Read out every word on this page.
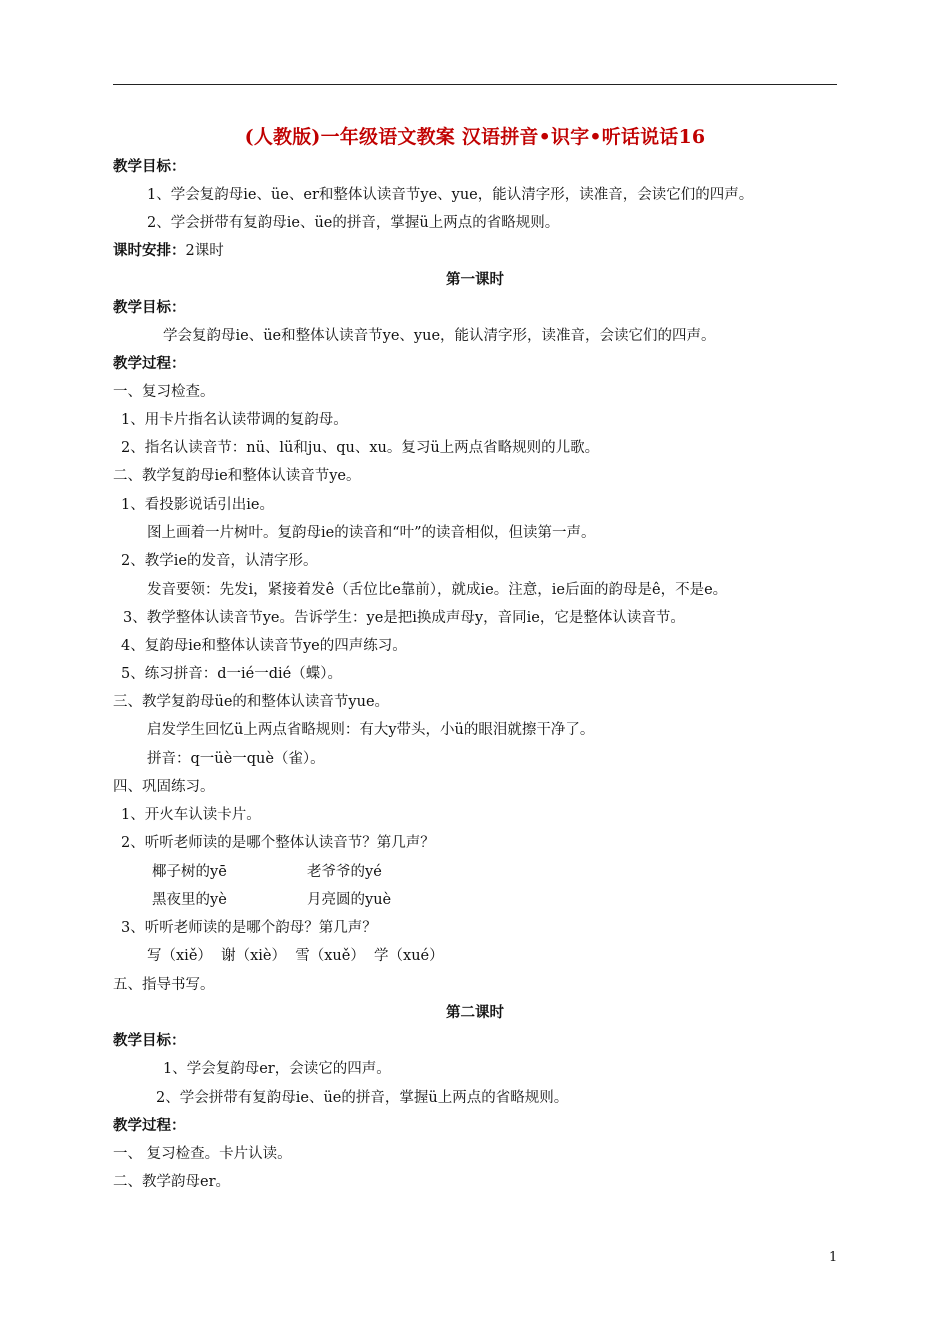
(人教版)一年级语文教案 汉语拼音•识字•听话说话16
教学目标：
1、学会复韵母ie、üe、er和整体认读音节ye、yue，能认清字形，读准音，会读它们的四声。
2、学会拼带有复韵母ie、üe的拼音，掌握ü上两点的省略规则。
课时安排：2课时
第一课时
教学目标：
学会复韵母ie、üe和整体认读音节ye、yue，能认清字形，读准音，会读它们的四声。
教学过程：
一、复习检查。
1、用卡片指名认读带调的复韵母。
2、指名认读音节：nü、lü和ju、qu、xu。复习ü上两点省略规则的儿歌。
二、教学复韵母ie和整体认读音节ye。
1、看投影说话引出ie。
图上画着一片树叶。复韵母ie的读音和“叶”的读音相似，但读第一声。
2、教学ie的发音，认清字形。
发音要领：先发i，紧接着发ê（舌位比e靠前），就成ie。注意，ie后面的韵母是ê，不是e。
3、教学整体认读音节ye。告诉学生：ye是把i换成声母y，音同ie，它是整体认读音节。
4、复韵母ie和整体认读音节ye的四声练习。
5、练习拼音：d一ié一dié（蝶）。
三、教学复韵母üe的和整体认读音节yue。
启发学生回忆ü上两点省略规则：有大y带头，小ü的眼泪就擦干净了。
拼音：q一üè一què（雀）。
四、巩固练习。
1、开火车认读卡片。
2、听听老师读的是哪个整体认读音节？第几声？
椰子树的yē	老爷爷的yé
黑夜里的yè	月亮圆的yuè
3、听听老师读的是哪个韵母？第几声？
写（xiě）  谢（xiè）  雪（xuě）  学（xué）
五、指导书写。
第二课时
教学目标：
1、学会复韵母er，会读它的四声。
2、学会拼带有复韵母ie、üe的拼音，掌握ü上两点的省略规则。
教学过程：
一、 复习检查。卡片认读。
二、教学韵母er。
1
